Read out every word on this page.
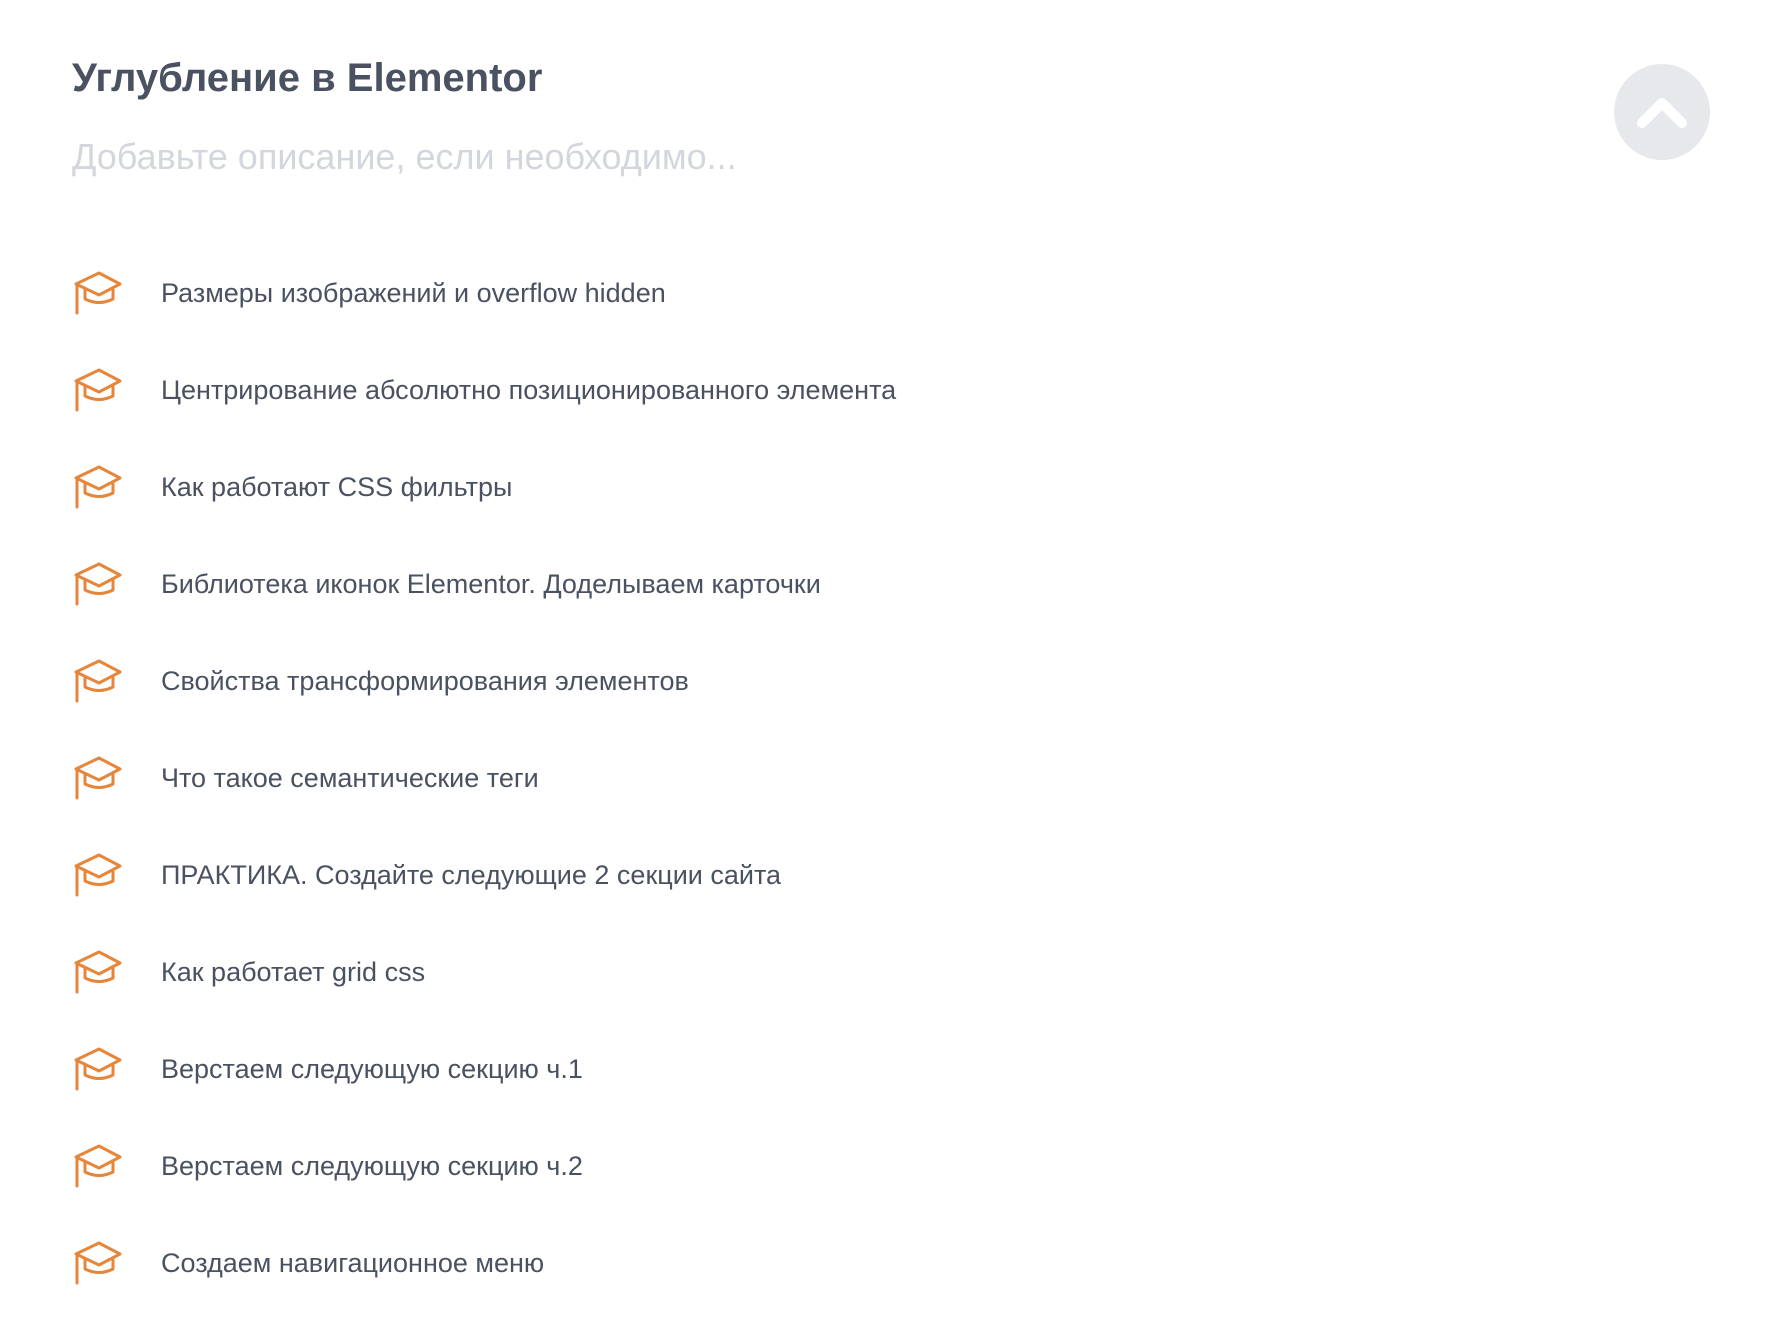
Углубление в Elementor
Добавьте описание, если необходимо...
Размеры изображений и overflow hidden
Центрирование абсолютно позиционированного элемента
Как работают CSS фильтры
Библиотека иконок Elementor. Доделываем карточки
Свойства трансформирования элементов
Что такое семантические теги
ПРАКТИКА. Создайте следующие 2 секции сайта
Как работает grid css
Верстаем следующую секцию ч.1
Верстаем следующую секцию ч.2
Создаем навигационное меню
